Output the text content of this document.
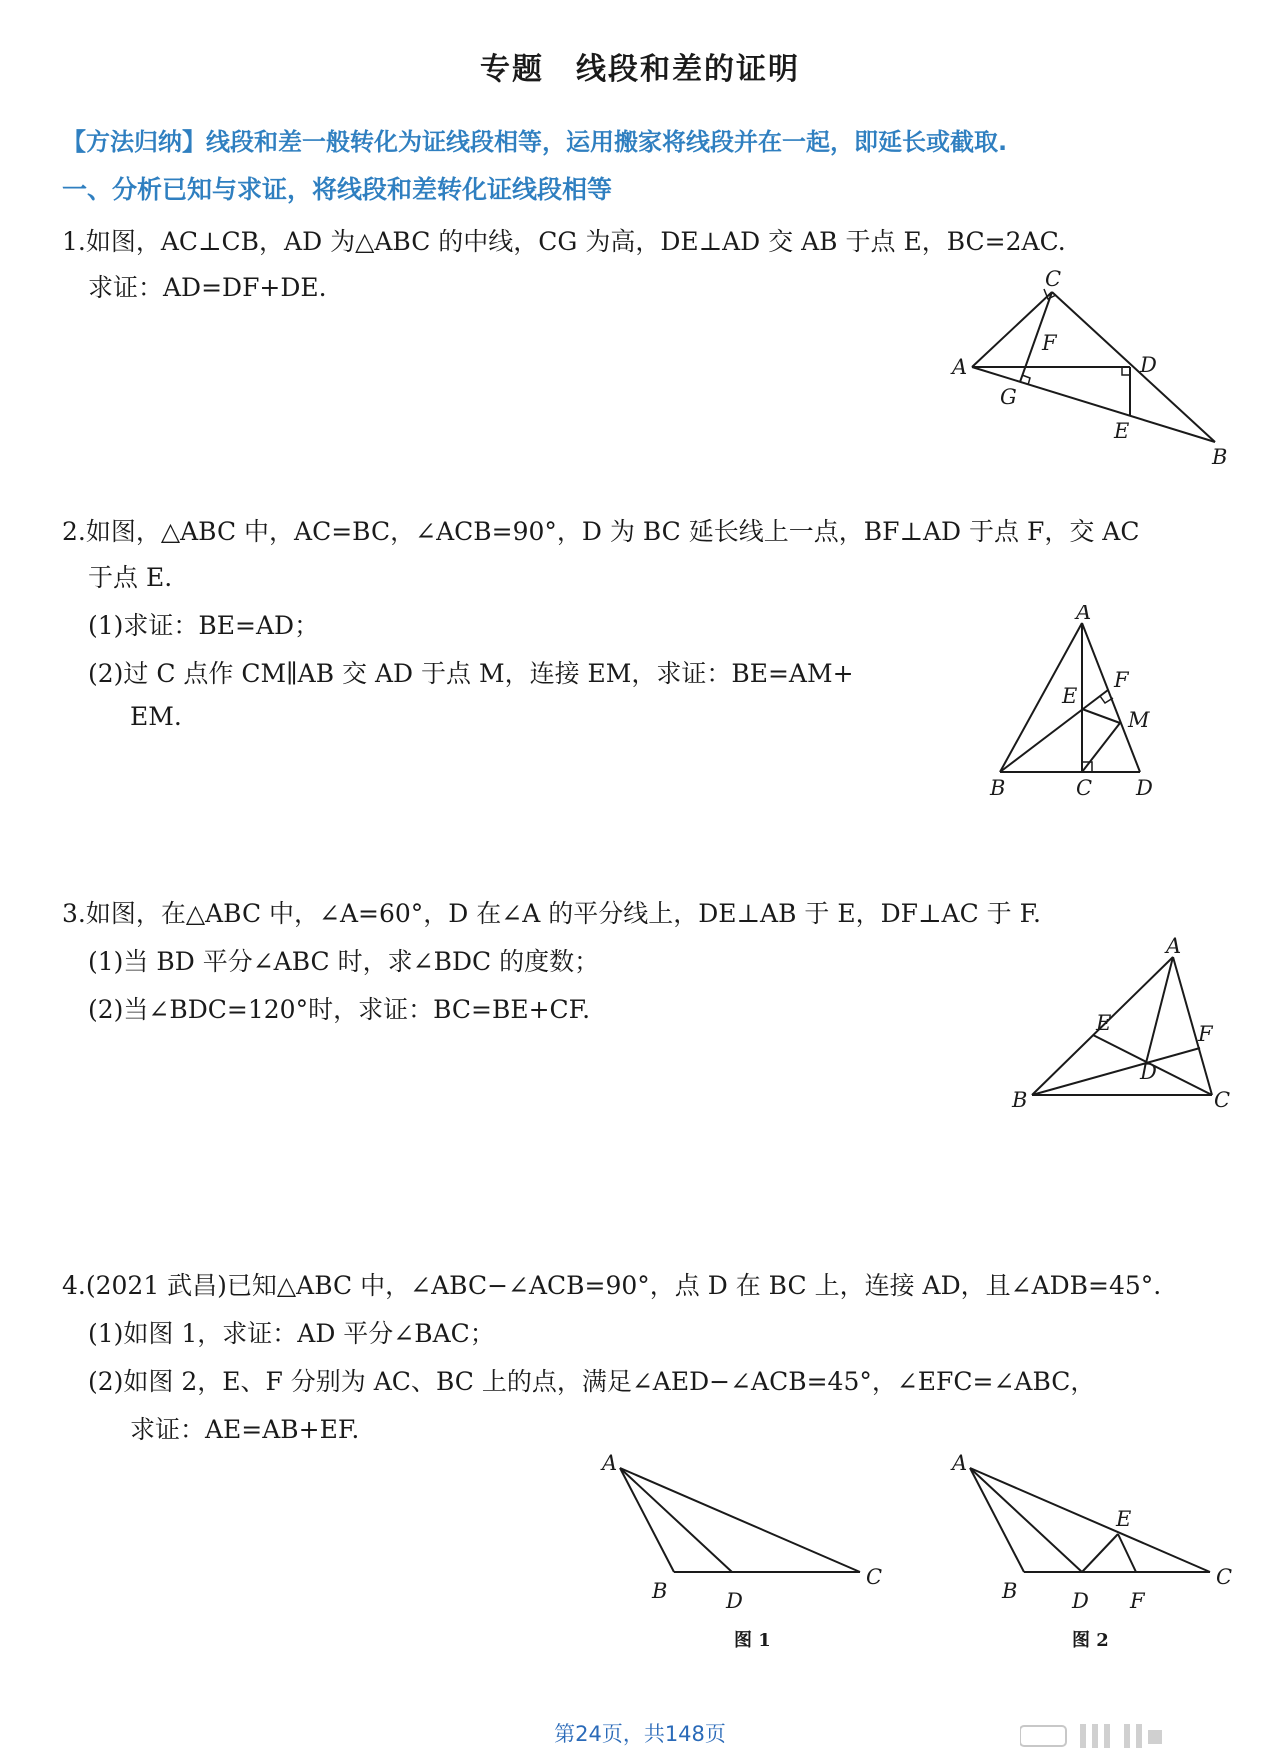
专题　线段和差的证明
【方法归纳】线段和差一般转化为证线段相等，运用搬家将线段并在一起，即延长或截取.
一、分析已知与求证，将线段和差转化证线段相等
1.如图，AC⊥CB，AD 为△ABC 的中线，CG 为高，DE⊥AD 交 AB 于点 E，BC=2AC.
求证：AD=DF+DE.	C
F
A	D
G
E
B
2.如图，△ABC 中，AC=BC，∠ACB=90°，D 为 BC 延长线上一点，BF⊥AD 于点 F，交 AC
于点 E.
(1)求证：BE=AD；
(2)过 C 点作 CM∥AB 交 AD 于点 M，连接 EM，求证：BE=AM+
EM.
A
E
F
M
B	C D
3.如图，在△ABC 中，∠A=60°，D 在∠A 的平分线上，DE⊥AB 于 E，DF⊥AC 于 F.
(1)当 BD 平分∠ABC 时，求∠BDC 的度数；
(2)当∠BDC=120°时，求证：BC=BE+CF.
A
E	F
D
B	C
4.(2021 武昌)已知△ABC 中，∠ABC−∠ACB=90°，点 D 在 BC 上，连接 AD，且∠ADB=45°.
(1)如图 1，求证：AD 平分∠BAC；
(2)如图 2，E、F 分别为 AC、BC 上的点，满足∠AED−∠ACB=45°，∠EFC=∠ABC，
求证：AE=AB+EF.
A
B	D
C
图 1
A
E
B	D F
C
图 2
第24页，共148页
